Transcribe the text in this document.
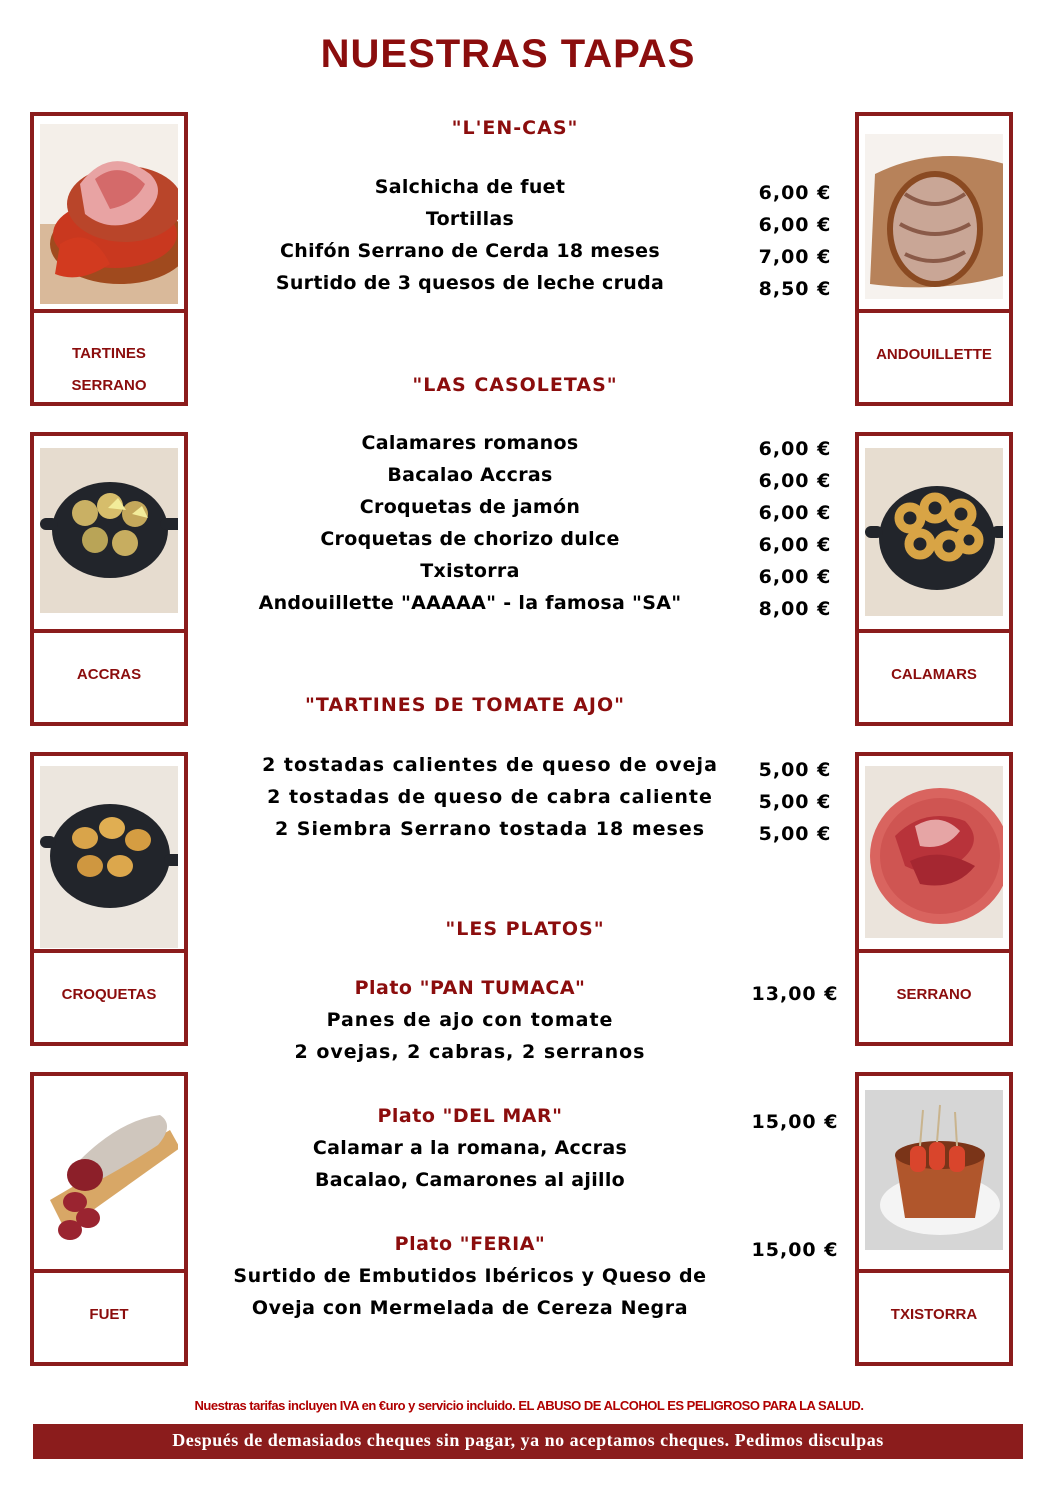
NUESTRAS TAPAS
TARTINES
SERRANO
ANDOUILLETTE
ACCRAS	CALAMARS
CROQUETAS	SERRANO
FUET	TXISTORRA
"L'EN-CAS"
Salchicha de fuet	6,00 €
Tortillas	6,00 €
Chifón Serrano de Cerda 18 meses	7,00 €
Surtido de 3 quesos de leche cruda	8,50 €
"LAS CASOLETAS"
Calamares romanos	6,00 €
Bacalao Accras	6,00 €
Croquetas de jamón	6,00 €
Croquetas de chorizo dulce	6,00 €
Txistorra	6,00 €
Andouillette "AAAAA" - la famosa "SA"	8,00 €
"TARTINES DE TOMATE AJO"
2 tostadas calientes de queso de oveja	5,00 €
2 tostadas de queso de cabra caliente	5,00 €
2 Siembra Serrano tostada 18 meses	5,00 €
"LES PLATOS"
Plato "PAN TUMACA"	13,00 €
Panes de ajo con tomate
2 ovejas, 2 cabras, 2 serranos
Plato "DEL MAR"	15,00 €
Calamar a la romana, Accras
Bacalao, Camarones al ajillo
Plato "FERIA"	15,00 €
Surtido de Embutidos Ibéricos y Queso de
Oveja con Mermelada de Cereza Negra
Nuestras tarifas incluyen IVA en €uro y servicio incluido. EL ABUSO DE ALCOHOL ES PELIGROSO PARA LA SALUD.
Después de demasiados cheques sin pagar, ya no aceptamos cheques. Pedimos disculpas
